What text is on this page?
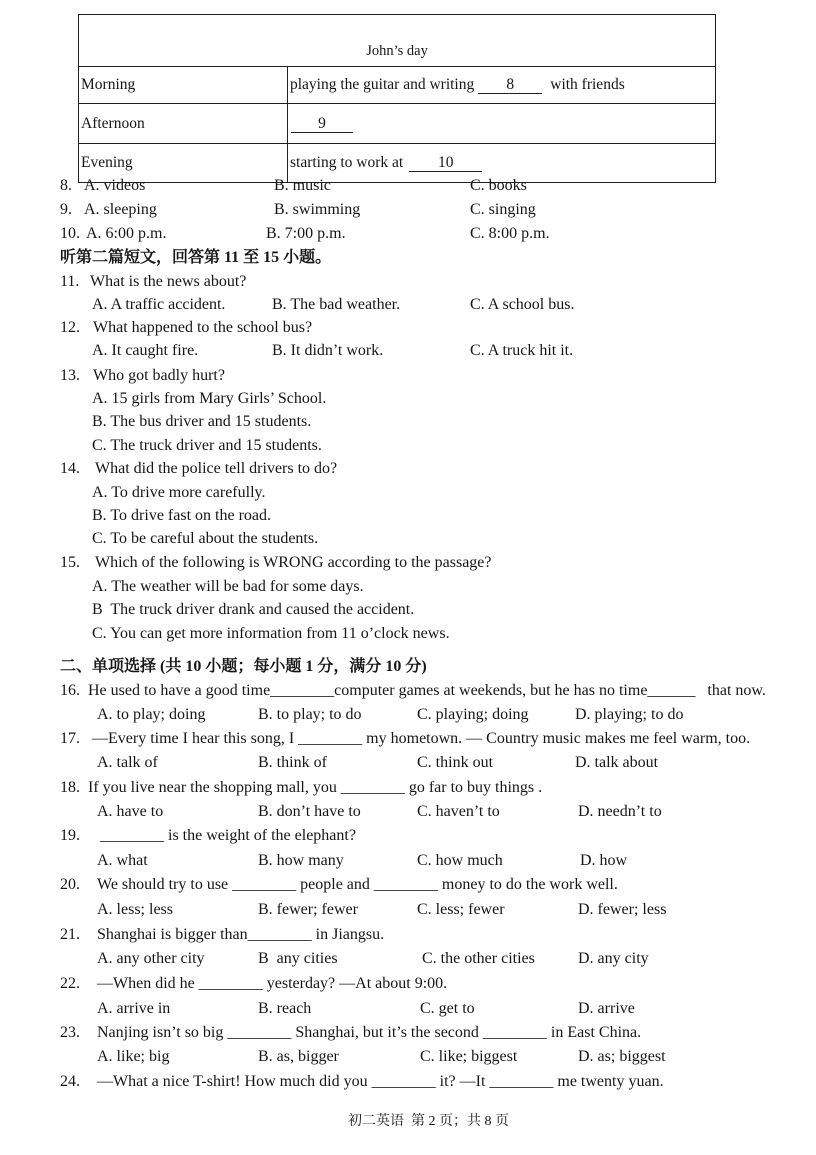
John’s day	
Morning	playing the guitar and writing 8 with friends
Afternoon	9
Evening	starting to work at 10
8. A. videos	B. music	C. books
9. A. sleeping	B. swimming	C. singing
10. A. 6:00 p.m.	B. 7:00 p.m.	C. 8:00 p.m.
听第二篇短文，回答第 11 至 15 小题。
11. What is the news about?
A. A traffic accident.	B. The bad weather.	C. A school bus.
12. What happened to the school bus?
A. It caught fire.	B. It didn’t work.	C. A truck hit it.
13. Who got badly hurt?
A. 15 girls from Mary Girls’ School.
B. The bus driver and 15 students.
C. The truck driver and 15 students.
14. What did the police tell drivers to do?
A. To drive more carefully.
B. To drive fast on the road.
C. To be careful about the students.
15. Which of the following is WRONG according to the passage?
A. The weather will be bad for some days.
B  The truck driver drank and caused the accident.
C. You can get more information from 11 o’clock news.
二、单项选择 (共 10 小题；每小题 1 分，满分 10 分)
16. He used to have a good time________computer games at weekends, but he has no time______   that now.
A. to play; doing	B. to play; to do	C. playing; doing	D. playing; to do
17. —Every time I hear this song, I ________ my hometown. — Country music makes me feel warm, too.
A. talk of	B. think of	C. think out	D. talk about
18. If you live near the shopping mall, you ________ go far to buy things .
A. have to	B. don’t have to	C. haven’t to	D. needn’t to
19. ________ is the weight of the elephant?
A. what	B. how many	C. how much	D. how
20. We should try to use ________ people and ________ money to do the work well.
A. less; less	B. fewer; fewer	C. less; fewer	D. fewer; less
21. Shanghai is bigger than________ in Jiangsu.
A. any other city	B  any cities	C. the other cities	D. any city
22. —When did he ________ yesterday? —At about 9:00.
A. arrive in	B. reach	C. get to	D. arrive
23. Nanjing isn’t so big ________ Shanghai, but it’s the second ________ in East China.
A. like; big	B. as, bigger	C. like; biggest	D. as; biggest
24. —What a nice T-shirt! How much did you ________ it? —It ________ me twenty yuan.
初二英语  第 2 页；共 8 页
